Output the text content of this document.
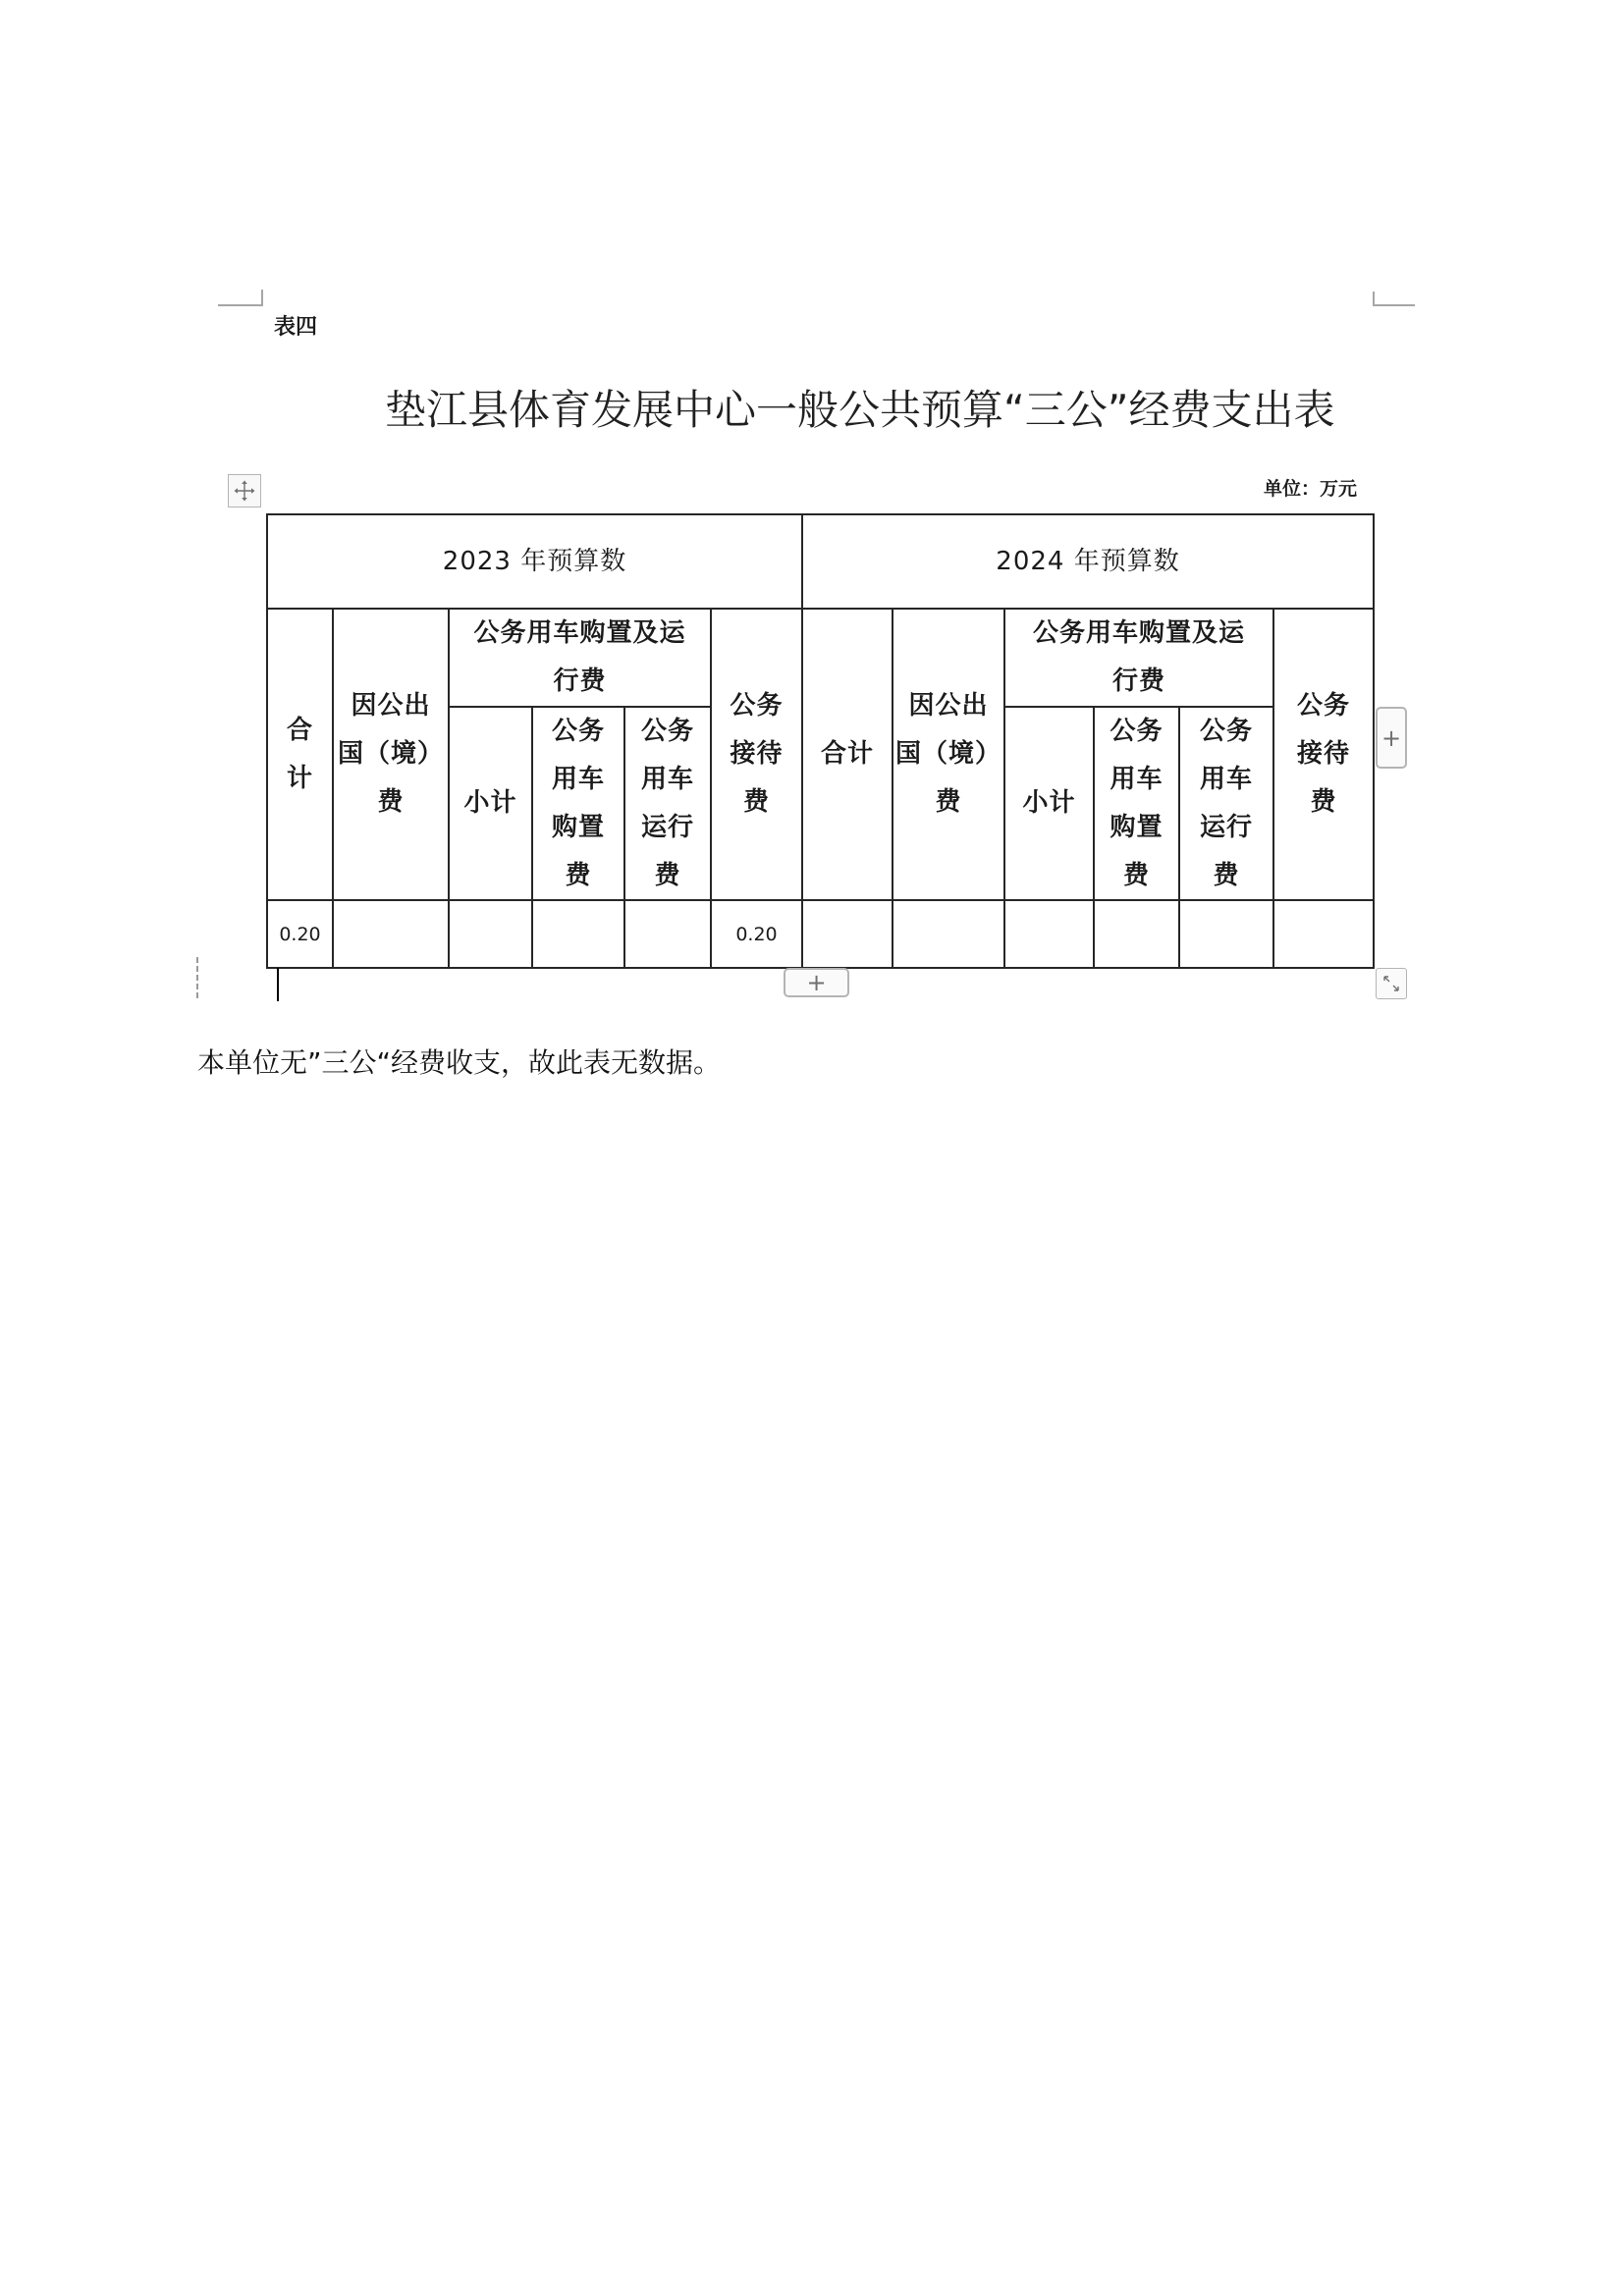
表四
垫江县体育发展中心一般公共预算“三公”经费支出表
单位：万元
2023 年预算数	2024 年预算数
合
计
因公出
国（境）
费
公务用车购置及运
行费
公务
接待
费
小计
公务
用车
购置
费
公务
用车
运行
费
合计
因公出
国（境）
费
公务用车购置及运
行费
公务
接待
费
小计
公务
用车
购置
费
公务
用车
运行
费
0.20	0.20
+
+
本单位无”三公“经费收支，故此表无数据。
